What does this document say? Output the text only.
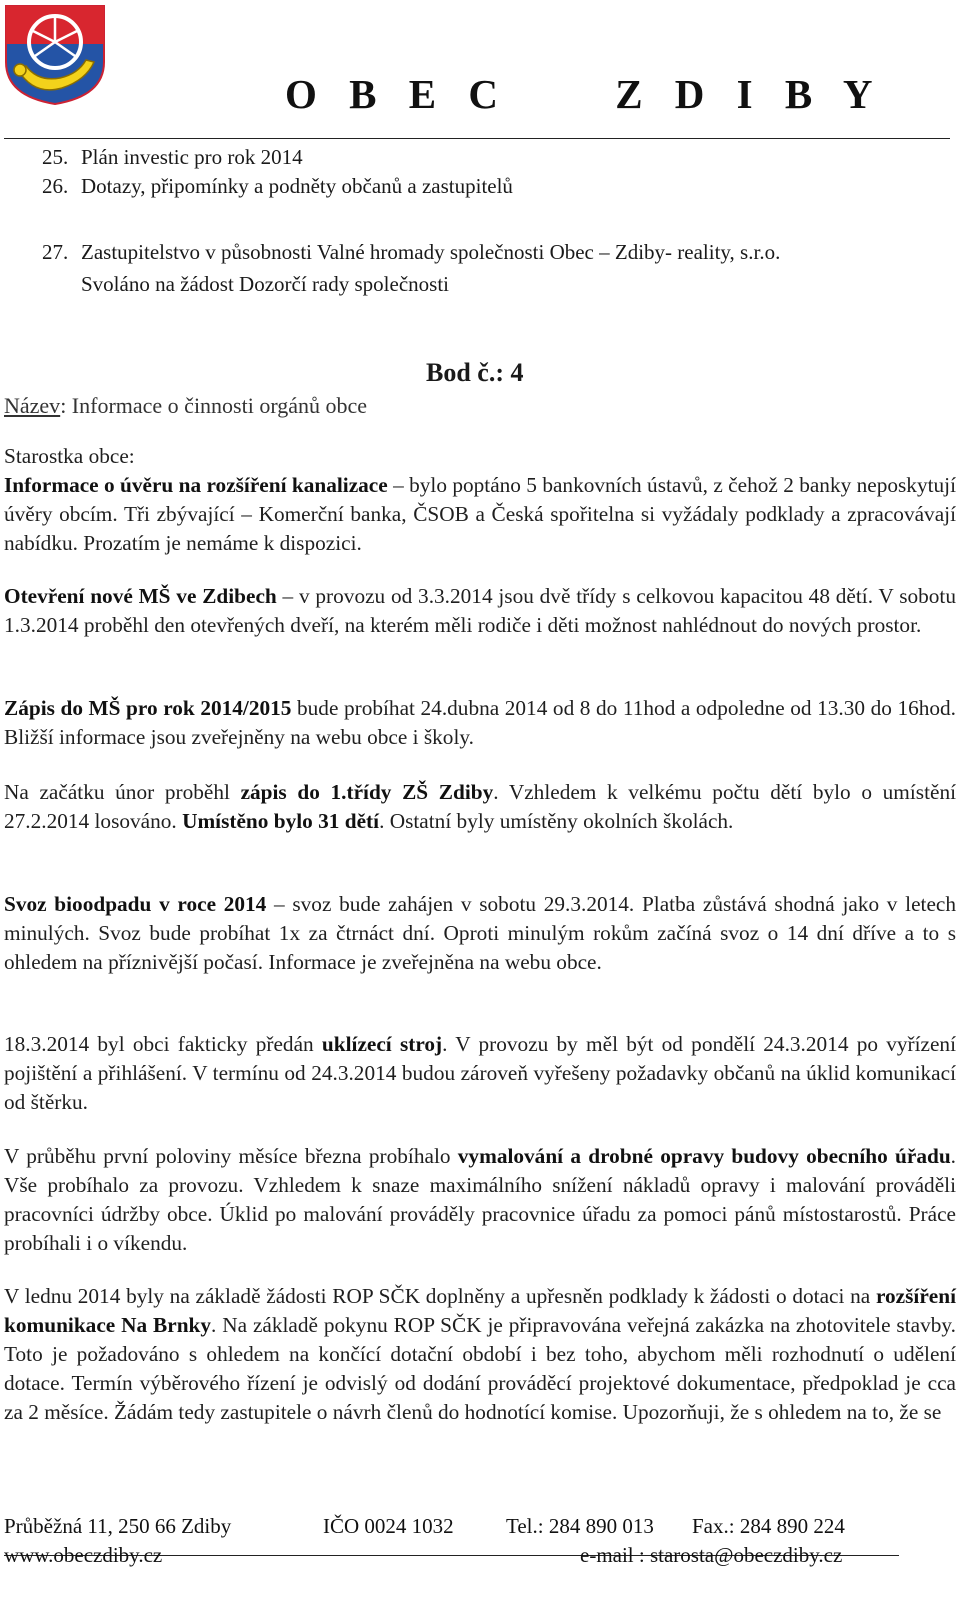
O B E C     Z D I B Y
25. Plán investic pro rok 2014
26. Dotazy, připomínky a podněty občanů a zastupitelů
27. Zastupitelstvo v působnosti Valné hromady společnosti Obec – Zdiby- reality, s.r.o.
Svoláno na žádost Dozorčí rady společnosti
Bod č.: 4
Název: Informace o činnosti orgánů obce
Starostka obce:
Informace o úvěru na rozšíření kanalizace – bylo poptáno 5 bankovních ústavů, z čehož 2 banky neposkytují úvěry obcím. Tři zbývající – Komerční banka, ČSOB a Česká spořitelna si vyžádaly podklady a zpracovávají nabídku. Prozatím je nemáme k dispozici.
Otevření nové MŠ ve Zdibech – v provozu od 3.3.2014 jsou dvě třídy s celkovou kapacitou 48 dětí. V sobotu 1.3.2014 proběhl den otevřených dveří, na kterém měli rodiče i děti možnost nahlédnout do nových prostor.
Zápis do MŠ pro rok 2014/2015 bude probíhat 24.dubna 2014 od 8 do 11hod a odpoledne od 13.30 do 16hod. Bližší informace jsou zveřejněny na webu obce i školy.
Na začátku únor proběhl zápis do 1.třídy ZŠ Zdiby. Vzhledem k velkému počtu dětí bylo o umístění 27.2.2014 losováno. Umístěno bylo 31 dětí. Ostatní byly umístěny okolních školách.
Svoz bioodpadu v roce 2014 – svoz bude zahájen v sobotu 29.3.2014. Platba zůstává shodná jako v letech minulých. Svoz bude probíhat 1x za čtrnáct dní. Oproti minulým rokům začíná svoz o 14 dní dříve a to s ohledem na příznivější počasí. Informace je zveřejněna na webu obce.
18.3.2014 byl obci fakticky předán uklízecí stroj. V provozu by měl být od pondělí 24.3.2014 po vyřízení pojištění a přihlášení. V termínu od 24.3.2014 budou zároveň vyřešeny požadavky občanů na úklid komunikací od štěrku.
V průběhu první poloviny měsíce března probíhalo vymalování a drobné opravy budovy obecního úřadu. Vše probíhalo za provozu. Vzhledem k snaze maximálního snížení nákladů opravy i malování prováděli pracovníci údržby obce. Úklid po malování prováděly pracovnice úřadu za pomoci pánů místostarostů. Práce probíhali i o víkendu.
V lednu 2014 byly na základě žádosti ROP SČK doplněny a upřesněn podklady k žádosti o dotaci na rozšíření komunikace Na Brnky. Na základě pokynu ROP SČK je připravována veřejná zakázka na zhotovitele stavby. Toto je požadováno s ohledem na končící dotační období i bez toho, abychom měli rozhodnutí o udělení dotace. Termín výběrového řízení je odvislý od dodání prováděcí projektové dokumentace, předpoklad je cca za 2 měsíce. Žádám tedy zastupitele o návrh členů do hodnotící komise. Upozorňuji, že s ohledem na to, že se
Průběžná 11, 250 66 Zdiby	IČO 0024 1032 Tel.: 284 890 013 Fax.: 284 890 224
www.obeczdiby.cz	e-mail : starosta@obeczdiby.cz
